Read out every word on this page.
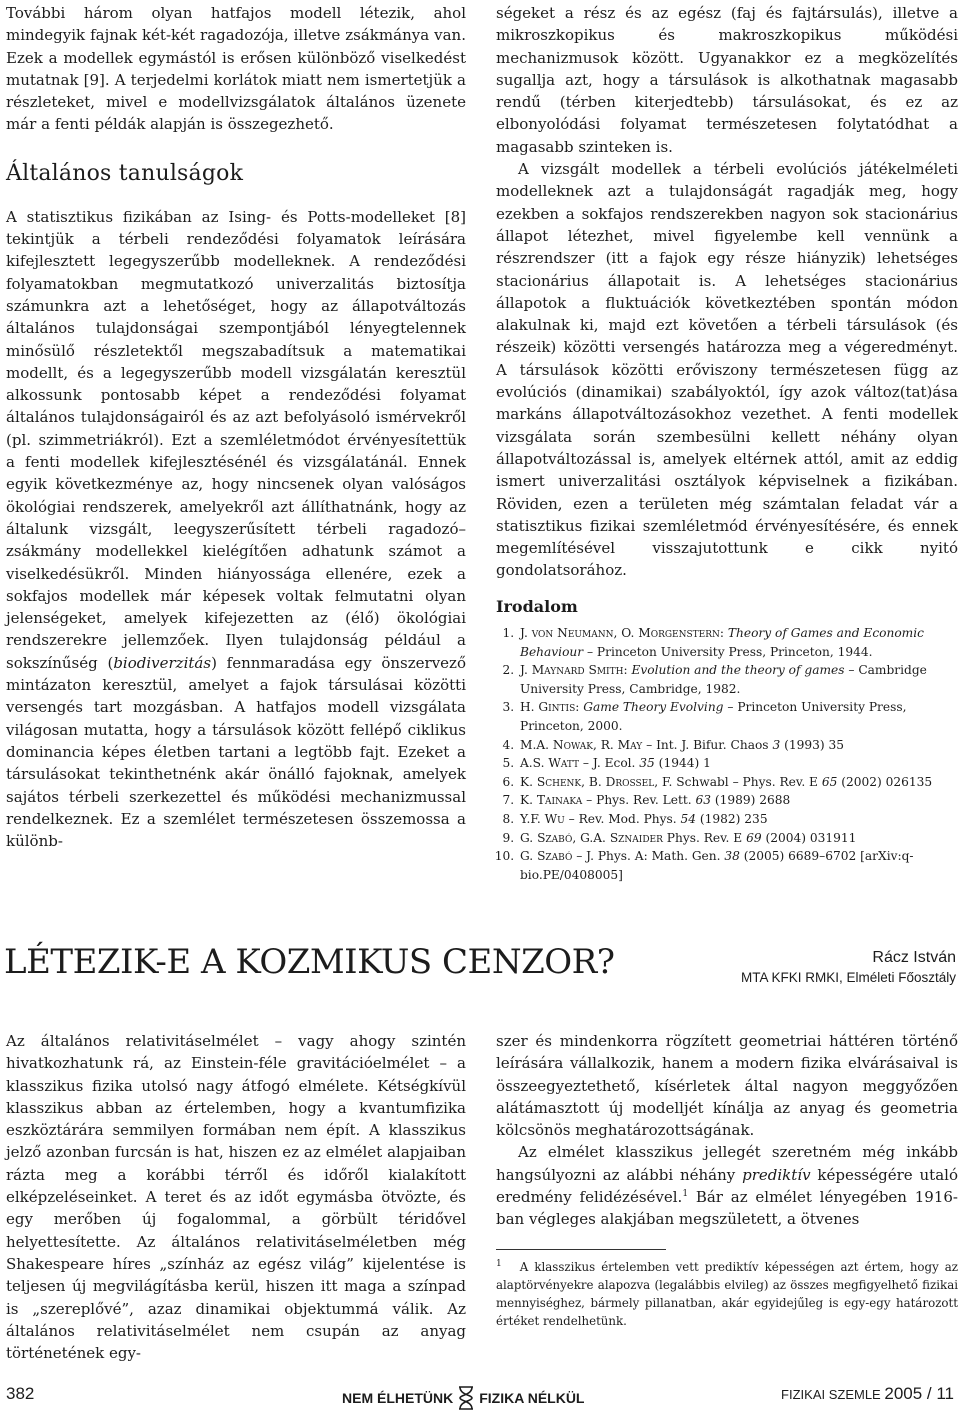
További három olyan hatfajos modell létezik, ahol mindegyik fajnak két-két ragadozója, illetve zsákmánya van. Ezek a modellek egymástól is erősen különböző viselkedést mutatnak [9]. A terjedelmi korlátok miatt nem ismertetjük a részleteket, mivel e modellvizsgálatok általános üzenete már a fenti példák alapján is összegezhető.

Általános tanulságok

A statisztikus fizikában az Ising- és Potts-modelleket [8] tekintjük a térbeli rendeződési folyamatok leírására kifejlesztett legegyszerűbb modelleknek. A rendeződési folyamatokban megmutatkozó univerzalitás biztosítja számunkra azt a lehetőséget, hogy az állapotváltozás általános tulajdonságai szempontjából lényegtelennek minősülő részletektől megszabadítsuk a matematikai modellt, és a legegyszerűbb modell vizsgálatán keresztül alkossunk pontosabb képet a rendeződési folyamat általános tulajdonságairól és az azt befolyásoló ismérvekről (pl. szimmetriákról). Ezt a szemléletmódot érvényesítettük a fenti modellek kifejlesztésénél és vizsgálatánál. Ennek egyik következménye az, hogy nincsenek olyan valóságos ökológiai rendszerek, amelyekről azt állíthatnánk, hogy az általunk vizsgált, leegyszerűsített térbeli ragadozó–zsákmány modellekkel kielégítően adhatunk számot a viselkedésükről. Minden hiányossága ellenére, ezek a sokfajos modellek már képesek voltak felmutatni olyan jelenségeket, amelyek kifejezetten az (élő) ökológiai rendszerekre jellemzőek. Ilyen tulajdonság például a sokszínűség (biodiverzitás) fennmaradása egy önszervező mintázaton keresztül, amelyet a fajok társulásai közötti versengés tart mozgásban. A hatfajos modell vizsgálata világosan mutatta, hogy a társulások között fellépő ciklikus dominancia képes életben tartani a legtöbb fajt. Ezeket a társulásokat tekinthetnénk akár önálló fajoknak, amelyek sajátos térbeli szerkezettel és működési mechanizmussal rendelkeznek. Ez a szemlélet természetesen összemossa a különb-

ségeket a rész és az egész (faj és fajtársulás), illetve a mikroszkopikus és makroszkopikus működési mechanizmusok között. Ugyanakkor ez a megközelítés sugallja azt, hogy a társulások is alkothatnak magasabb rendű (térben kiterjedtebb) társulásokat, és ez az elbonyolódási folyamat természetesen folytatódhat a magasabb szinteken is.

A vizsgált modellek a térbeli evolúciós játékelméleti modelleknek azt a tulajdonságát ragadják meg, hogy ezekben a sokfajos rendszerekben nagyon sok stacionárius állapot létezhet, mivel figyelembe kell vennünk a részrendszer (itt a fajok egy része hiányzik) lehetséges stacionárius állapotait is. A lehetséges stacionárius állapotok a fluktuációk következtében spontán módon alakulnak ki, majd ezt követően a térbeli társulások (és részeik) közötti versengés határozza meg a végeredményt. A társulások közötti erőviszony természetesen függ az evolúciós (dinamikai) szabályoktól, így azok változ(tat)ása markáns állapotváltozásokhoz vezethet. A fenti modellek vizsgálata során szembesülni kellett néhány olyan állapotváltozással is, amelyek eltérnek attól, amit az eddig ismert univerzalitási osztályok képviselnek a fizikában. Röviden, ezen a területen még számtalan feladat vár a statisztikus fizikai szemléletmód érvényesítésére, és ennek megemlítésével visszajutottunk e cikk nyitó gondolatsorához.

Irodalom
1. J. von Neumann, O. Morgenstern: Theory of Games and Economic Behaviour – Princeton University Press, Princeton, 1944.
2. J. Maynard Smith: Evolution and the theory of games – Cambridge University Press, Cambridge, 1982.
3. H. Gintis: Game Theory Evolving – Princeton University Press, Princeton, 2000.
4. M.A. Nowak, R. May – Int. J. Bifur. Chaos 3 (1993) 35
5. A.S. Watt – J. Ecol. 35 (1944) 1
6. K. Schenk, B. Drossel, F. Schwabl – Phys. Rev. E 65 (2002) 026135
7. K. Tainaka – Phys. Rev. Lett. 63 (1989) 2688
8. Y.F. Wu – Rev. Mod. Phys. 54 (1982) 235
9. G. Szabó, G.A. Sznaider Phys. Rev. E 69 (2004) 031911
10. G. Szabó – J. Phys. A: Math. Gen. 38 (2005) 6689–6702 [arXiv:q-bio.PE/0408005]
LÉTEZIK-E A KOZMIKUS CENZOR?	Rácz István
MTA KFKI RMKI, Elméleti Főosztály

Az általános relativitáselmélet – vagy ahogy szintén hivatkozhatunk rá, az Einstein-féle gravitációelmélet – a klasszikus fizika utolsó nagy átfogó elmélete. Kétségkívül klasszikus abban az értelemben, hogy a kvantumfizika eszköztárára semmilyen formában nem épít. A klasszikus jelző azonban furcsán is hat, hiszen ez az elmélet alapjaiban rázta meg a korábbi térről és időről kialakított elképzeléseinket. A teret és az időt egymásba ötvözte, és egy merőben új fogalommal, a görbült téridővel helyettesítette. Az általános relativitáselméletben még Shakespeare híres „színház az egész világ” kijelentése is teljesen új megvilágításba kerül, hiszen itt maga a színpad is „szereplővé”, azaz dinamikai objektummá válik. Az általános relativitáselmélet nem csupán az anyag történetének egy-

szer és mindenkorra rögzített geometriai háttéren történő leírására vállalkozik, hanem a modern fizika elvárásaival is összeegyeztethető, kísérletek által nagyon meggyőzően alátámasztott új modelljét kínálja az anyag és geometria kölcsönös meghatározottságának.

Az elmélet klasszikus jellegét szeretném még inkább hangsúlyozni az alábbi néhány prediktív képességére utaló eredmény felidézésével.$^1$ Bár az elmélet lényegében 1916-ban végleges alakjában megszületett, a ötvenes

$^1$ A klasszikus értelemben vett prediktív képességen azt értem, hogy az alaptörvényekre alapozva (legalábbis elvileg) az összes megfigyelhető fizikai mennyiséghez, bármely pillanatban, akár egyidejűleg is egy-egy határozott értéket rendelhetünk.

382	NEM ÉLHETÜNK FIZIKA NÉLKÜL	FIZIKAI SZEMLE 2005 / 11
